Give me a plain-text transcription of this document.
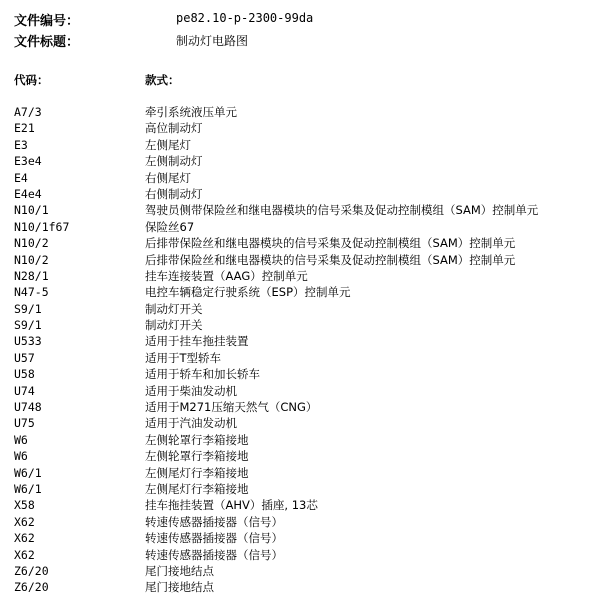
文件编号：	pe82.10-p-2300-99da
文件标题：	制动灯电路图
代码：	款式：
A7/3	牵引系统液压单元
E21	高位制动灯
E3	左侧尾灯
E3e4	左侧制动灯
E4	右侧尾灯
E4e4	右侧制动灯
N10/1	驾驶员侧带保险丝和继电器模块的信号采集及促动控制模组（SAM）控制单元
N10/1f67	保险丝67
N10/2	后排带保险丝和继电器模块的信号采集及促动控制模组（SAM）控制单元
N10/2	后排带保险丝和继电器模块的信号采集及促动控制模组（SAM）控制单元
N28/1	挂车连接装置（AAG）控制单元
N47-5	电控车辆稳定行驶系统（ESP）控制单元
S9/1	制动灯开关
S9/1	制动灯开关
U533	适用于挂车拖挂装置
U57	适用于T型轿车
U58	适用于轿车和加长轿车
U74	适用于柴油发动机
U748	适用于M271压缩天然气（CNG）
U75	适用于汽油发动机
W6	左侧轮罩行李箱接地
W6	左侧轮罩行李箱接地
W6/1	左侧尾灯行李箱接地
W6/1	左侧尾灯行李箱接地
X58	挂车拖挂装置（AHV）插座, 13芯
X62	转速传感器插接器（信号）
X62	转速传感器插接器（信号）
X62	转速传感器插接器（信号）
Z6/20	尾门接地结点
Z6/20	尾门接地结点
